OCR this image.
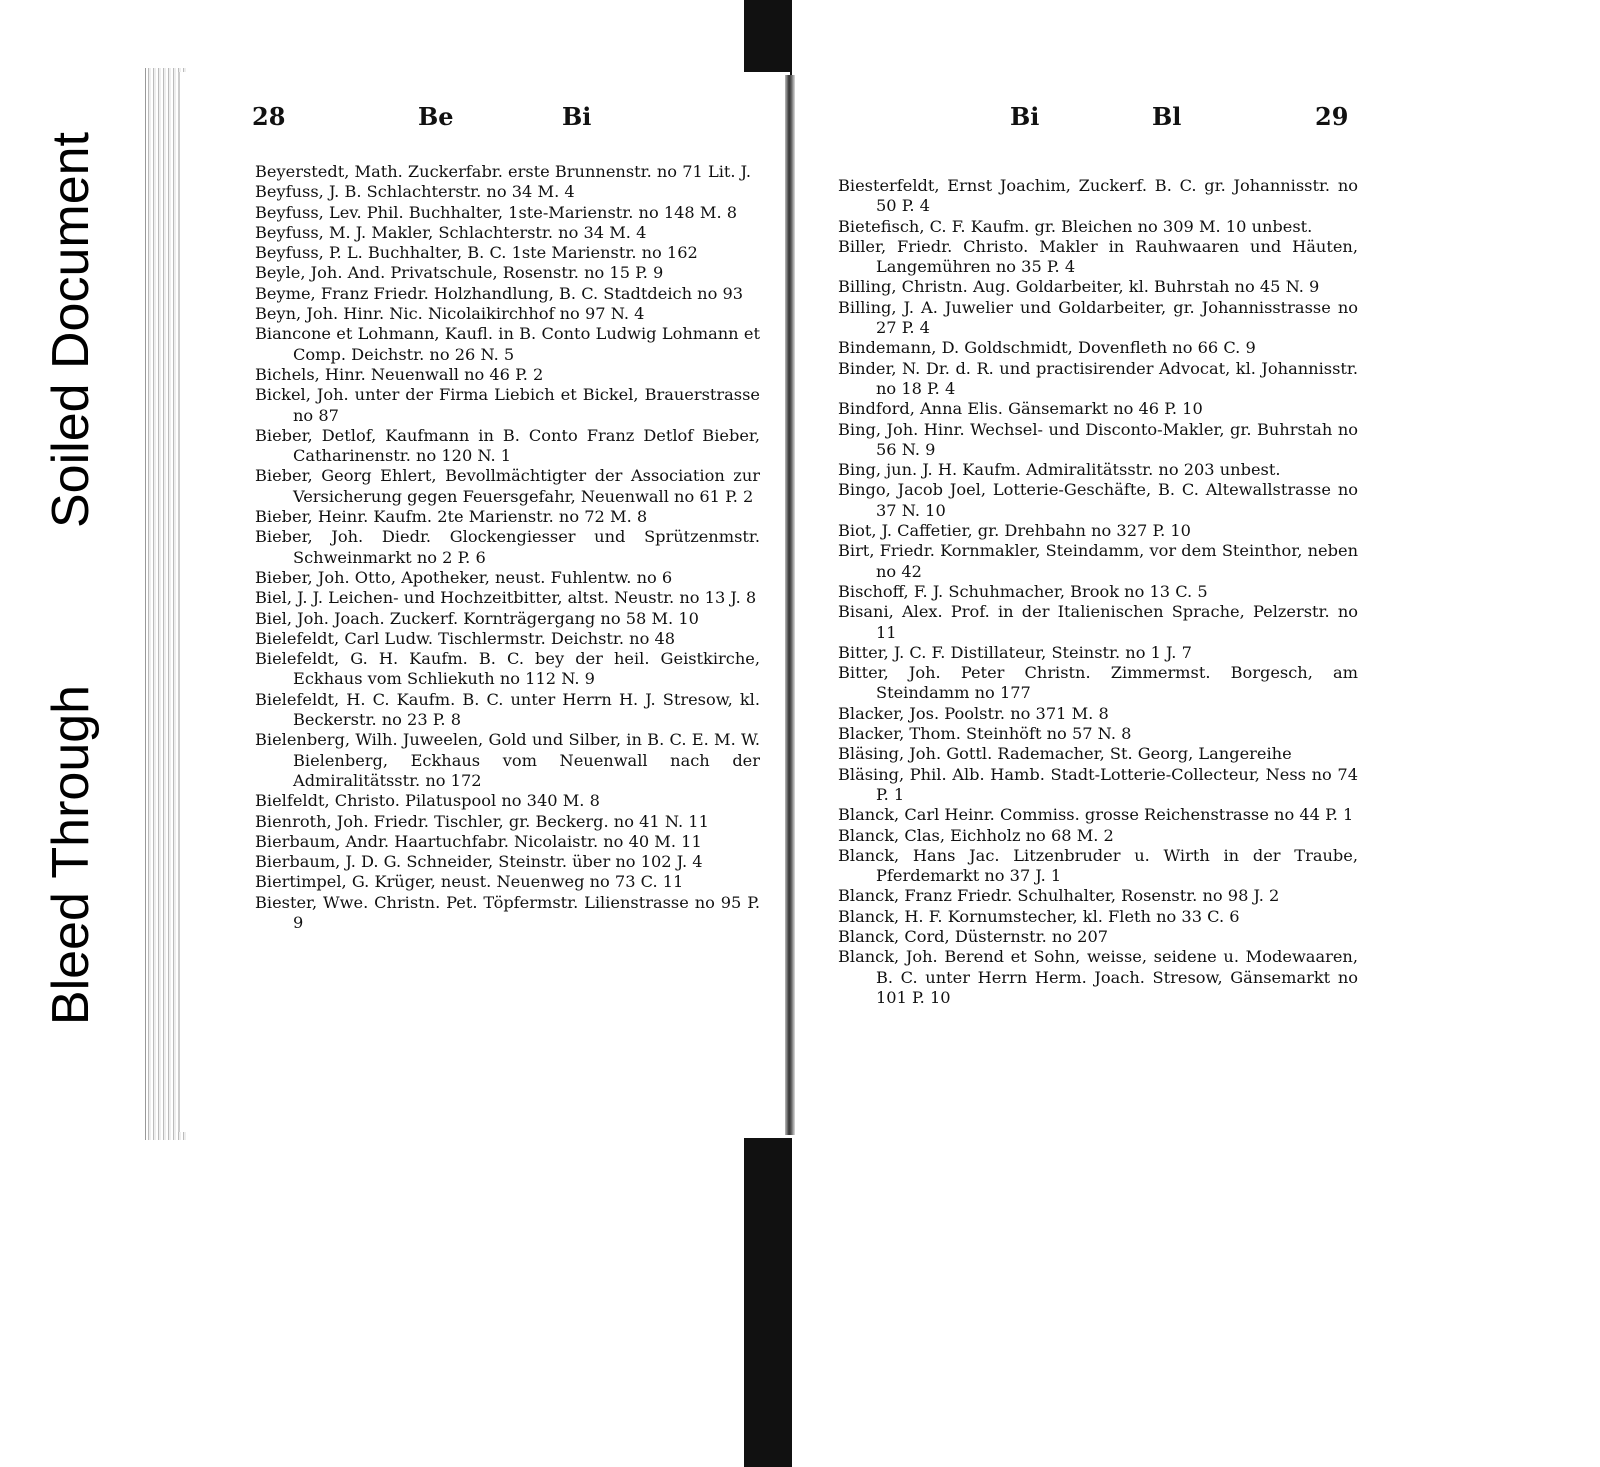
Soiled Document
Bleed Through
28	Be	Bi
Beyerstedt, Math. Zuckerfabr. erste Brunnenstr. no 71 Lit. J.
Beyfuss, J. B. Schlachterstr. no 34 M. 4
Beyfuss, Lev. Phil. Buchhalter, 1ste-Marienstr. no 148 M. 8
Beyfuss, M. J. Makler, Schlachterstr. no 34 M. 4
Beyfuss, P. L. Buchhalter, B. C. 1ste Marienstr. no 162
Beyle, Joh. And. Privatschule, Rosenstr. no 15 P. 9
Beyme, Franz Friedr. Holzhandlung, B. C. Stadtdeich no 93
Beyn, Joh. Hinr. Nic. Nicolaikirchhof no 97 N. 4
Biancone et Lohmann, Kaufl. in B. Conto Ludwig Lohmann et Comp. Deichstr. no 26 N. 5
Bichels, Hinr. Neuenwall no 46 P. 2
Bickel, Joh. unter der Firma Liebich et Bickel, Brauerstrasse no 87
Bieber, Detlof, Kaufmann in B. Conto Franz Detlof Bieber, Catharinenstr. no 120 N. 1
Bieber, Georg Ehlert, Bevollmächtigter der Association zur Versicherung gegen Feuersgefahr, Neuenwall no 61 P. 2
Bieber, Heinr. Kaufm. 2te Marienstr. no 72 M. 8
Bieber, Joh. Diedr. Glockengiesser und Sprützenmstr. Schweinmarkt no 2 P. 6
Bieber, Joh. Otto, Apotheker, neust. Fuhlentw. no 6
Biel, J. J. Leichen- und Hochzeitbitter, altst. Neustr. no 13 J. 8
Biel, Joh. Joach. Zuckerf. Kornträgergang no 58 M. 10
Bielefeldt, Carl Ludw. Tischlermstr. Deichstr. no 48
Bielefeldt, G. H. Kaufm. B. C. bey der heil. Geistkirche, Eckhaus vom Schliekuth no 112 N. 9
Bielefeldt, H. C. Kaufm. B. C. unter Herrn H. J. Stresow, kl. Beckerstr. no 23 P. 8
Bielenberg, Wilh. Juweelen, Gold und Silber, in B. C. E. M. W. Bielenberg, Eckhaus vom Neuenwall nach der Admiralitätsstr. no 172
Bielfeldt, Christo. Pilatuspool no 340 M. 8
Bienroth, Joh. Friedr. Tischler, gr. Beckerg. no 41 N. 11
Bierbaum, Andr. Haartuchfabr. Nicolaistr. no 40 M. 11
Bierbaum, J. D. G. Schneider, Steinstr. über no 102 J. 4
Biertimpel, G. Krüger, neust. Neuenweg no 73 C. 11
Biester, Wwe. Christn. Pet. Töpfermstr. Lilienstrasse no 95 P. 9
Bi	Bl	29
Biesterfeldt, Ernst Joachim, Zuckerf. B. C. gr. Johannisstr. no 50 P. 4
Bietefisch, C. F. Kaufm. gr. Bleichen no 309 M. 10 unbest.
Biller, Friedr. Christo. Makler in Rauhwaaren und Häuten, Langemühren no 35 P. 4
Billing, Christn. Aug. Goldarbeiter, kl. Buhrstah no 45 N. 9
Billing, J. A. Juwelier und Goldarbeiter, gr. Johannisstrasse no 27 P. 4
Bindemann, D. Goldschmidt, Dovenfleth no 66 C. 9
Binder, N. Dr. d. R. und practisirender Advocat, kl. Johannisstr. no 18 P. 4
Bindford, Anna Elis. Gänsemarkt no 46 P. 10
Bing, Joh. Hinr. Wechsel- und Disconto-Makler, gr. Buhrstah no 56 N. 9
Bing, jun. J. H. Kaufm. Admiralitätsstr. no 203 unbest.
Bingo, Jacob Joel, Lotterie-Geschäfte, B. C. Altewallstrasse no 37 N. 10
Biot, J. Caffetier, gr. Drehbahn no 327 P. 10
Birt, Friedr. Kornmakler, Steindamm, vor dem Steinthor, neben no 42
Bischoff, F. J. Schuhmacher, Brook no 13 C. 5
Bisani, Alex. Prof. in der Italienischen Sprache, Pelzerstr. no 11
Bitter, J. C. F. Distillateur, Steinstr. no 1 J. 7
Bitter, Joh. Peter Christn. Zimmermst. Borgesch, am Steindamm no 177
Blacker, Jos. Poolstr. no 371 M. 8
Blacker, Thom. Steinhöft no 57 N. 8
Bläsing, Joh. Gottl. Rademacher, St. Georg, Langereihe
Bläsing, Phil. Alb. Hamb. Stadt-Lotterie-Collecteur, Ness no 74 P. 1
Blanck, Carl Heinr. Commiss. grosse Reichenstrasse no 44 P. 1
Blanck, Clas, Eichholz no 68 M. 2
Blanck, Hans Jac. Litzenbruder u. Wirth in der Traube, Pferdemarkt no 37 J. 1
Blanck, Franz Friedr. Schulhalter, Rosenstr. no 98 J. 2
Blanck, H. F. Kornumstecher, kl. Fleth no 33 C. 6
Blanck, Cord, Düsternstr. no 207
Blanck, Joh. Berend et Sohn, weisse, seidene u. Modewaaren, B. C. unter Herrn Herm. Joach. Stresow, Gänsemarkt no 101 P. 10
